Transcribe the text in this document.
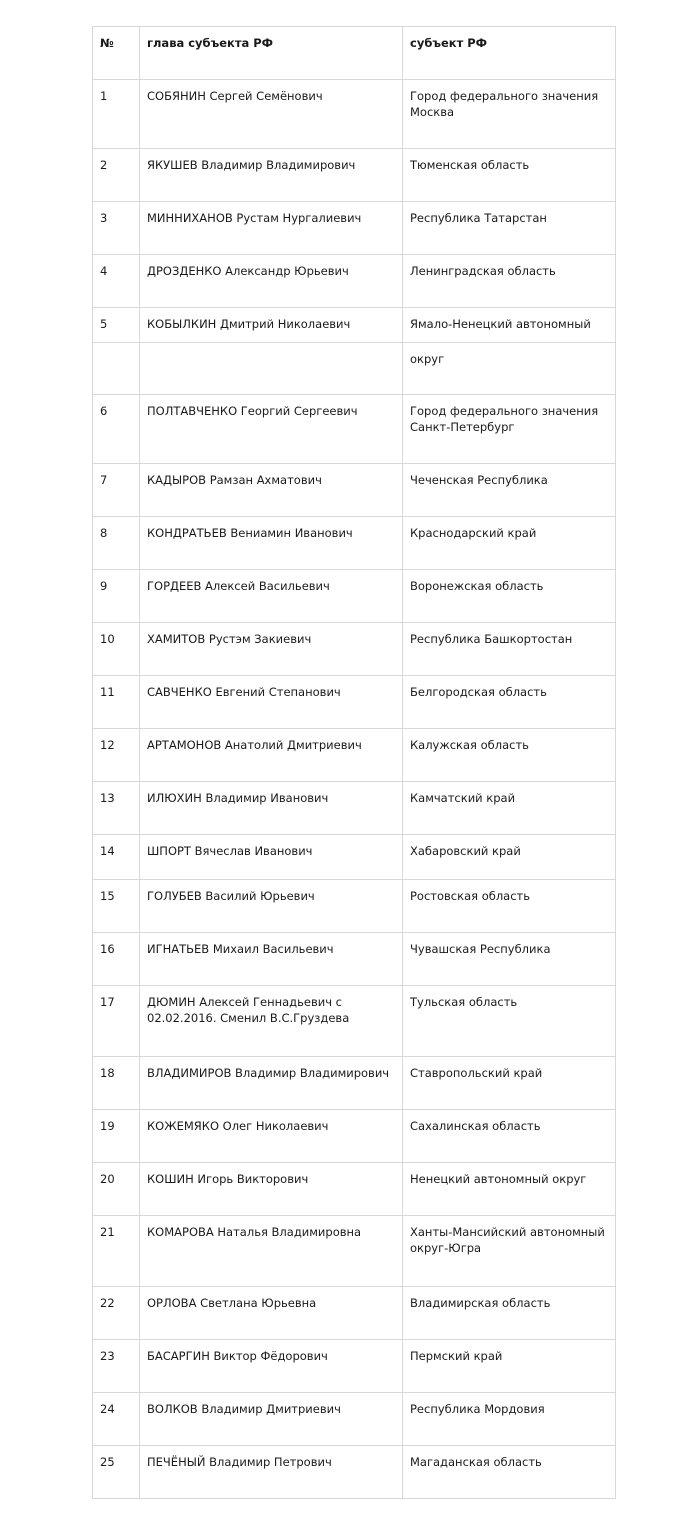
№	глава субъекта РФ	субъект РФ
1	СОБЯНИН Сергей Семёнович	Город федерального значения Москва
2	ЯКУШЕВ Владимир Владимирович	Тюменская область
3	МИННИХАНОВ Рустам Нургалиевич	Республика Татарстан
4	ДРОЗДЕНКО Александр Юрьевич	Ленинградская область
5	КОБЫЛКИН Дмитрий Николаевич	Ямало-Ненецкий автономный
		округ
6	ПОЛТАВЧЕНКО Георгий Сергеевич	Город федерального значения Санкт-Петербург
7	КАДЫРОВ Рамзан Ахматович	Чеченская Республика
8	КОНДРАТЬЕВ Вениамин Иванович	Краснодарский край
9	ГОРДЕЕВ Алексей Васильевич	Воронежская область
10	ХАМИТОВ Рустэм Закиевич	Республика Башкортостан
11	САВЧЕНКО Евгений Степанович	Белгородская область
12	АРТАМОНОВ Анатолий Дмитриевич	Калужская область
13	ИЛЮХИН Владимир Иванович	Камчатский край
14	ШПОРТ Вячеслав Иванович	Хабаровский край
15	ГОЛУБЕВ Василий Юрьевич	Ростовская область
16	ИГНАТЬЕВ Михаил Васильевич	Чувашская Республика
17	ДЮМИН Алексей Геннадьевич с 02.02.2016. Сменил В.С.Груздева	Тульская область
18	ВЛАДИМИРОВ Владимир Владимирович	Ставропольский край
19	КОЖЕМЯКО Олег Николаевич	Сахалинская область
20	КОШИН Игорь Викторович	Ненецкий автономный округ
21	КОМАРОВА Наталья Владимировна	Ханты-Мансийский автономный округ-Югра
22	ОРЛОВА Светлана Юрьевна	Владимирская область
23	БАСАРГИН Виктор Фёдорович	Пермский край
24	ВОЛКОВ Владимир Дмитриевич	Республика Мордовия
25	ПЕЧЁНЫЙ Владимир Петрович	Магаданская область
